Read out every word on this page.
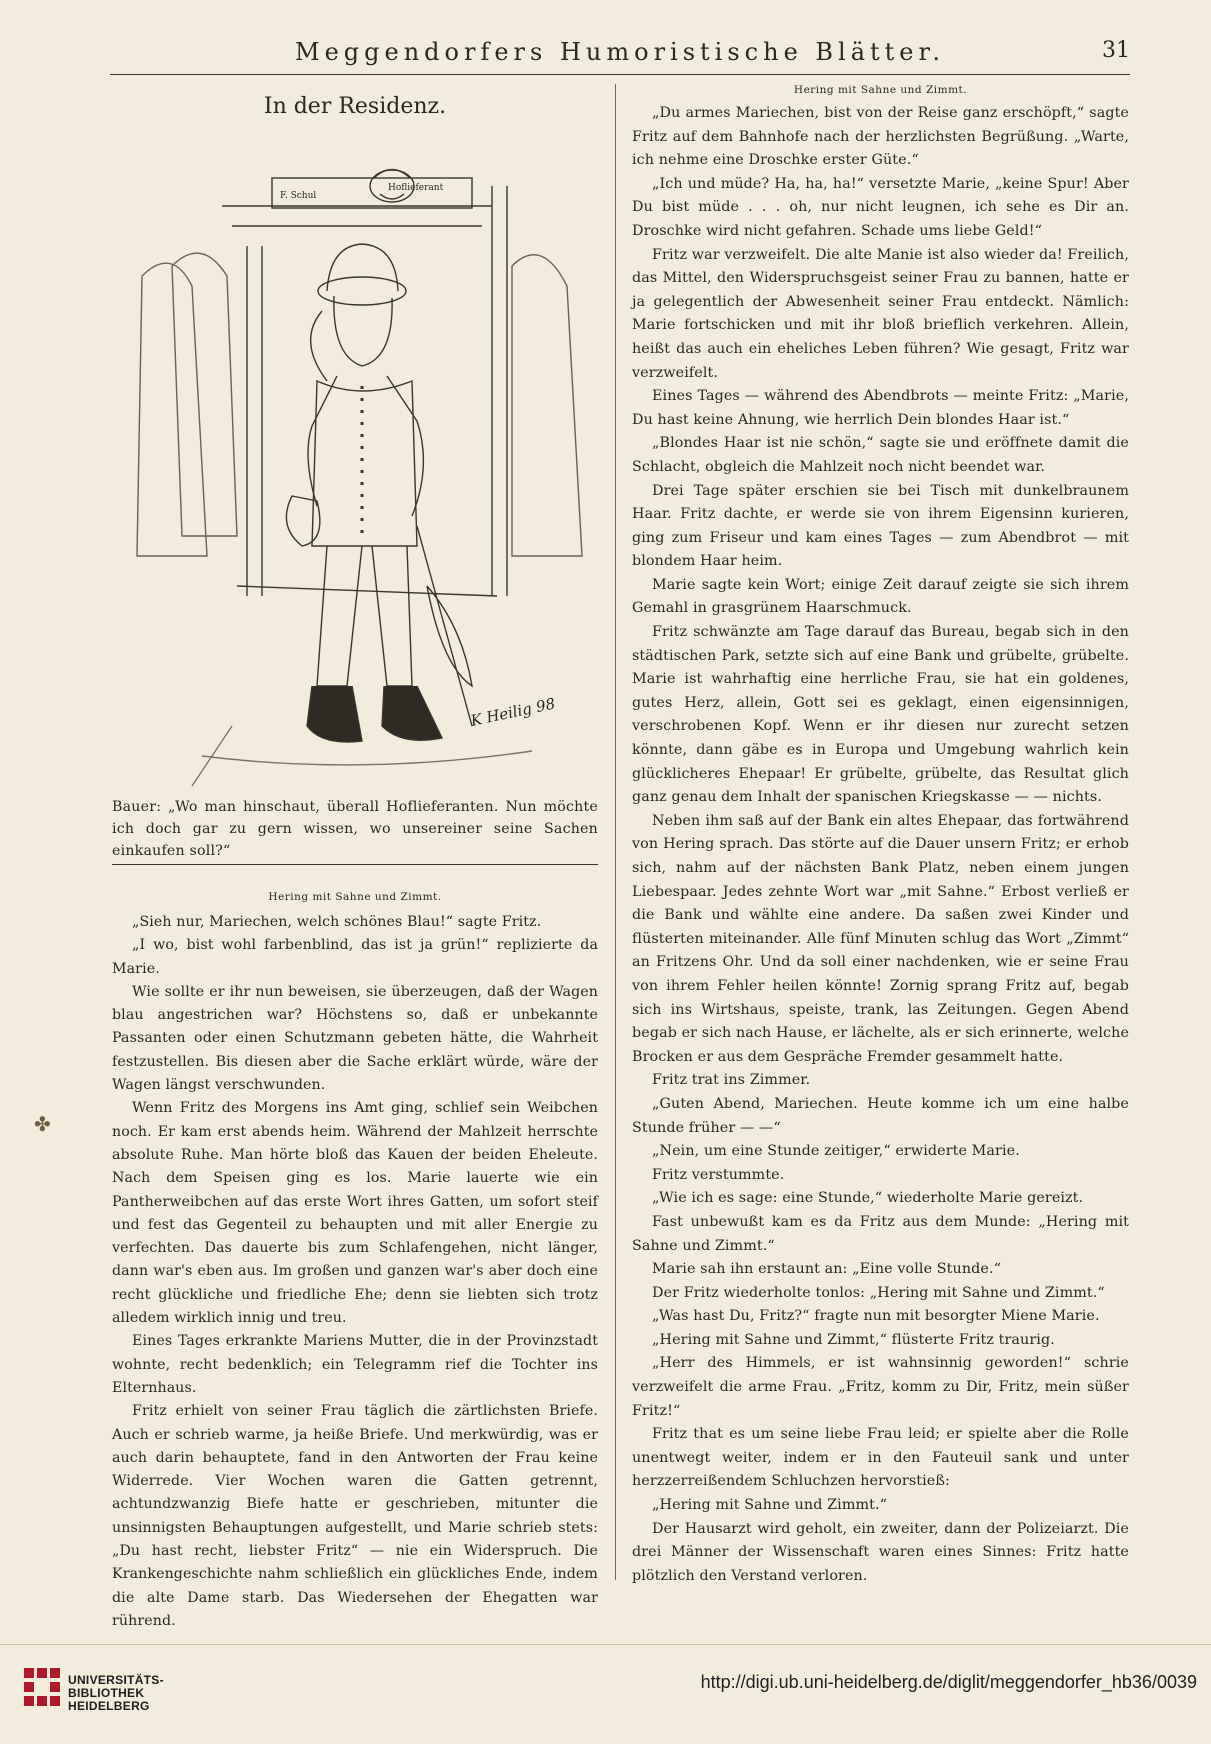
Meggendorfers Humoristische Blätter.	31
✤
In der Residenz.
Hoflieferant
F. Schul
K Heilig 98

Bauer: „Wo man hinschaut, überall Hoflieferanten. Nun möchte ich doch gar zu gern wissen, wo unsereiner seine Sachen einkaufen soll?“

Hering mit Sahne und Zimmt.

„Sieh nur, Mariechen, welch schönes Blau!“ sagte Fritz.

„I wo, bist wohl farbenblind, das ist ja grün!“ replizierte da Marie.

Wie sollte er ihr nun beweisen, sie überzeugen, daß der Wagen blau angestrichen war? Höchstens so, daß er unbekannte Passanten oder einen Schutzmann gebeten hätte, die Wahrheit festzustellen. Bis diesen aber die Sache erklärt würde, wäre der Wagen längst verschwunden.

Wenn Fritz des Morgens ins Amt ging, schlief sein Weibchen noch. Er kam erst abends heim. Während der Mahlzeit herrschte absolute Ruhe. Man hörte bloß das Kauen der beiden Eheleute. Nach dem Speisen ging es los. Marie lauerte wie ein Pantherweibchen auf das erste Wort ihres Gatten, um sofort steif und fest das Gegenteil zu behaupten und mit aller Energie zu verfechten. Das dauerte bis zum Schlafengehen, nicht länger, dann war's eben aus. Im großen und ganzen war's aber doch eine recht glückliche und friedliche Ehe; denn sie liebten sich trotz alledem wirklich innig und treu.

Eines Tages erkrankte Mariens Mutter, die in der Provinzstadt wohnte, recht bedenklich; ein Telegramm rief die Tochter ins Elternhaus.

Fritz erhielt von seiner Frau täglich die zärtlichsten Briefe. Auch er schrieb warme, ja heiße Briefe. Und merkwürdig, was er auch darin behauptete, fand in den Antworten der Frau keine Widerrede. Vier Wochen waren die Gatten getrennt, achtundzwanzig Biefe hatte er geschrieben, mitunter die unsinnigsten Behauptungen aufgestellt, und Marie schrieb stets: „Du hast recht, liebster Fritz“ — nie ein Widerspruch. Die Krankengeschichte nahm schließlich ein glückliches Ende, indem die alte Dame starb. Das Wiedersehen der Ehegatten war rührend.

Hering mit Sahne und Zimmt.

„Du armes Mariechen, bist von der Reise ganz erschöpft,“ sagte Fritz auf dem Bahnhofe nach der herzlichsten Begrüßung. „Warte, ich nehme eine Droschke erster Güte.“

„Ich und müde? Ha, ha, ha!“ versetzte Marie, „keine Spur! Aber Du bist müde . . . oh, nur nicht leugnen, ich sehe es Dir an. Droschke wird nicht gefahren. Schade ums liebe Geld!“

Fritz war verzweifelt. Die alte Manie ist also wieder da! Freilich, das Mittel, den Widerspruchsgeist seiner Frau zu bannen, hatte er ja gelegentlich der Abwesenheit seiner Frau entdeckt. Nämlich: Marie fortschicken und mit ihr bloß brieflich verkehren. Allein, heißt das auch ein eheliches Leben führen? Wie gesagt, Fritz war verzweifelt.

Eines Tages — während des Abendbrots — meinte Fritz: „Marie, Du hast keine Ahnung, wie herrlich Dein blondes Haar ist.“

„Blondes Haar ist nie schön,“ sagte sie und eröffnete damit die Schlacht, obgleich die Mahlzeit noch nicht beendet war.

Drei Tage später erschien sie bei Tisch mit dunkelbraunem Haar. Fritz dachte, er werde sie von ihrem Eigensinn kurieren, ging zum Friseur und kam eines Tages — zum Abendbrot — mit blondem Haar heim.

Marie sagte kein Wort; einige Zeit darauf zeigte sie sich ihrem Gemahl in grasgrünem Haarschmuck.

Fritz schwänzte am Tage darauf das Bureau, begab sich in den städtischen Park, setzte sich auf eine Bank und grübelte, grübelte. Marie ist wahrhaftig eine herrliche Frau, sie hat ein goldenes, gutes Herz, allein, Gott sei es geklagt, einen eigensinnigen, verschrobenen Kopf. Wenn er ihr diesen nur zurecht setzen könnte, dann gäbe es in Europa und Umgebung wahrlich kein glücklicheres Ehepaar! Er grübelte, grübelte, das Resultat glich ganz genau dem Inhalt der spanischen Kriegskasse — — nichts.

Neben ihm saß auf der Bank ein altes Ehepaar, das fortwährend von Hering sprach. Das störte auf die Dauer unsern Fritz; er erhob sich, nahm auf der nächsten Bank Platz, neben einem jungen Liebespaar. Jedes zehnte Wort war „mit Sahne.“ Erbost verließ er die Bank und wählte eine andere. Da saßen zwei Kinder und flüsterten miteinander. Alle fünf Minuten schlug das Wort „Zimmt“ an Fritzens Ohr. Und da soll einer nachdenken, wie er seine Frau von ihrem Fehler heilen könnte! Zornig sprang Fritz auf, begab sich ins Wirtshaus, speiste, trank, las Zeitungen. Gegen Abend begab er sich nach Hause, er lächelte, als er sich erinnerte, welche Brocken er aus dem Gespräche Fremder gesammelt hatte.

Fritz trat ins Zimmer.

„Guten Abend, Mariechen. Heute komme ich um eine halbe Stunde früher — —“

„Nein, um eine Stunde zeitiger,“ erwiderte Marie.

Fritz verstummte.

„Wie ich es sage: eine Stunde,“ wiederholte Marie gereizt.

Fast unbewußt kam es da Fritz aus dem Munde: „Hering mit Sahne und Zimmt.“

Marie sah ihn erstaunt an: „Eine volle Stunde.“

Der Fritz wiederholte tonlos: „Hering mit Sahne und Zimmt.“

„Was hast Du, Fritz?“ fragte nun mit besorgter Miene Marie.

„Hering mit Sahne und Zimmt,“ flüsterte Fritz traurig.

„Herr des Himmels, er ist wahnsinnig geworden!“ schrie verzweifelt die arme Frau. „Fritz, komm zu Dir, Fritz, mein süßer Fritz!“

Fritz that es um seine liebe Frau leid; er spielte aber die Rolle unentwegt weiter, indem er in den Fauteuil sank und unter herzzerreißendem Schluchzen hervorstieß:

„Hering mit Sahne und Zimmt.“

Der Hausarzt wird geholt, ein zweiter, dann der Polizeiarzt. Die drei Männer der Wissenschaft waren eines Sinnes: Fritz hatte plötzlich den Verstand verloren.

UNIVERSITÄTS-
BIBLIOTHEK
HEIDELBERG
http://digi.ub.uni-heidelberg.de/diglit/meggendorfer_hb36/0039
